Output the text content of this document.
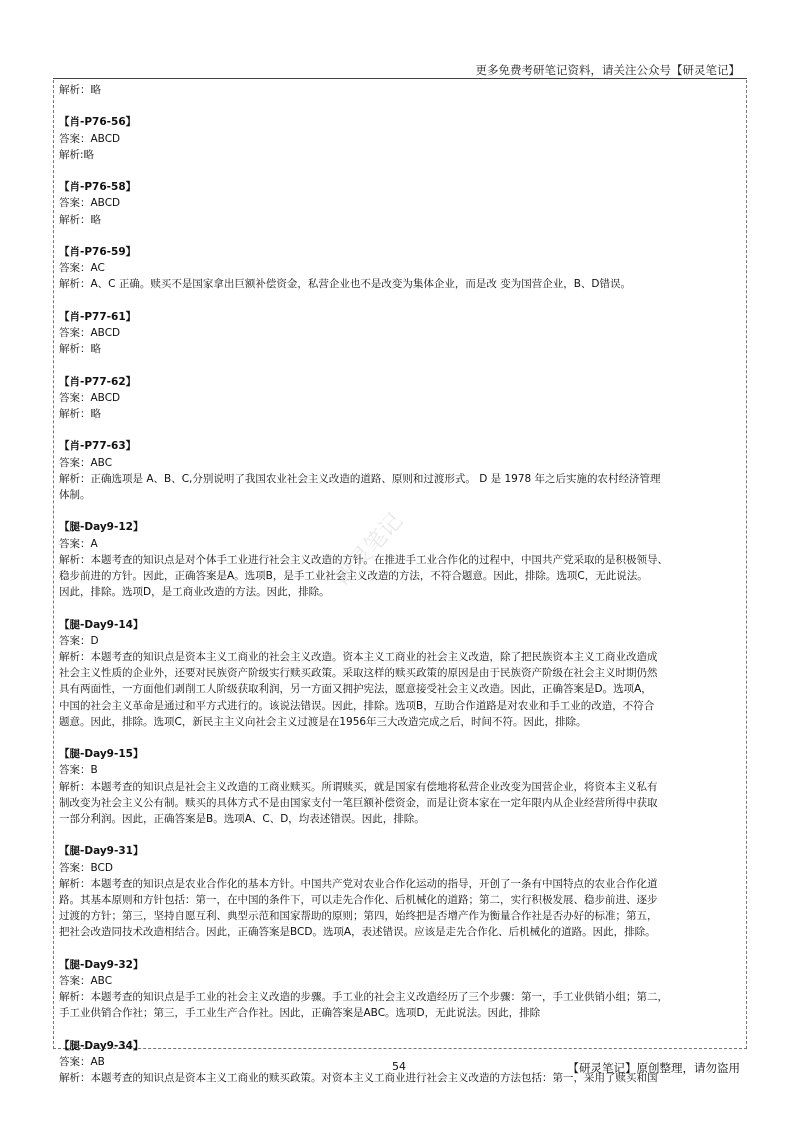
更多免费考研笔记资料，请关注公众号【研灵笔记】
研灵笔记
解析：略
【肖-P76-56】
答案：ABCD
解析:略
【肖-P76-58】
答案：ABCD
解析：略
【肖-P76-59】
答案：AC
解析：A、C 正确。赎买不是国家拿出巨额补偿资金，私营企业也不是改变为集体企业，而是改 变为国营企业，B、D错误。
【肖-P77-61】
答案：ABCD
解析：略
【肖-P77-62】
答案：ABCD
解析：略
【肖-P77-63】
答案：ABC
解析：正确选项是 A、B、C,分别说明了我国农业社会主义改造的道路、原则和过渡形式。 D 是 1978 年之后实施的农村经济管理
体制。
【腿-Day9-12】
答案：A
解析：本题考查的知识点是对个体手工业进行社会主义改造的方针。在推进手工业合作化的过程中，中国共产党采取的是积极领导、
稳步前进的方针。因此，正确答案是A。选项B，是手工业社会主义改造的方法，不符合题意。因此，排除。选项C，无此说法。
因此，排除。选项D，是工商业改造的方法。因此，排除。
【腿-Day9-14】
答案：D
解析：本题考查的知识点是资本主义工商业的社会主义改造。资本主义工商业的社会主义改造，除了把民族资本主义工商业改造成
社会主义性质的企业外，还要对民族资产阶级实行赎买政策。采取这样的赎买政策的原因是由于民族资产阶级在社会主义时期仍然
具有两面性，一方面他们剥削工人阶级获取利润，另一方面又拥护宪法，愿意接受社会主义改造。因此，正确答案是D。选项A，
中国的社会主义革命是通过和平方式进行的。该说法错误。因此，排除。选项B，互助合作道路是对农业和手工业的改造，不符合
题意。因此，排除。选项C，新民主主义向社会主义过渡是在1956年三大改造完成之后，时间不符。因此，排除。
【腿-Day9-15】
答案：B
解析：本题考查的知识点是社会主义改造的工商业赎买。所谓赎买，就是国家有偿地将私营企业改变为国营企业，将资本主义私有
制改变为社会主义公有制。赎买的具体方式不是由国家支付一笔巨额补偿资金，而是让资本家在一定年限内从企业经营所得中获取
一部分利润。因此，正确答案是B。选项A、C、D，均表述错误。因此，排除。
【腿-Day9-31】
答案：BCD
解析：本题考查的知识点是农业合作化的基本方针。中国共产党对农业合作化运动的指导，开创了一条有中国特点的农业合作化道
路。其基本原则和方针包括：第一，在中国的条件下，可以走先合作化、后机械化的道路；第二，实行积极发展、稳步前进、逐步
过渡的方针；第三，坚持自愿互利、典型示范和国家帮助的原则；第四，始终把是否增产作为衡量合作社是否办好的标准；第五，
把社会改造同技术改造相结合。因此，正确答案是BCD。选项A，表述错误。应该是走先合作化、后机械化的道路。因此，排除。
【腿-Day9-32】
答案：ABC
解析：本题考查的知识点是手工业的社会主义改造的步骤。手工业的社会主义改造经历了三个步骤：第一，手工业供销小组；第二，
手工业供销合作社；第三，手工业生产合作社。因此，正确答案是ABC。选项D，无此说法。因此，排除
【腿-Day9-34】
答案：AB
解析：本题考查的知识点是资本主义工商业的赎买政策。对资本主义工商业进行社会主义改造的方法包括：第一，采用了赎买和国
54	【研灵笔记】原创整理，请勿盗用
